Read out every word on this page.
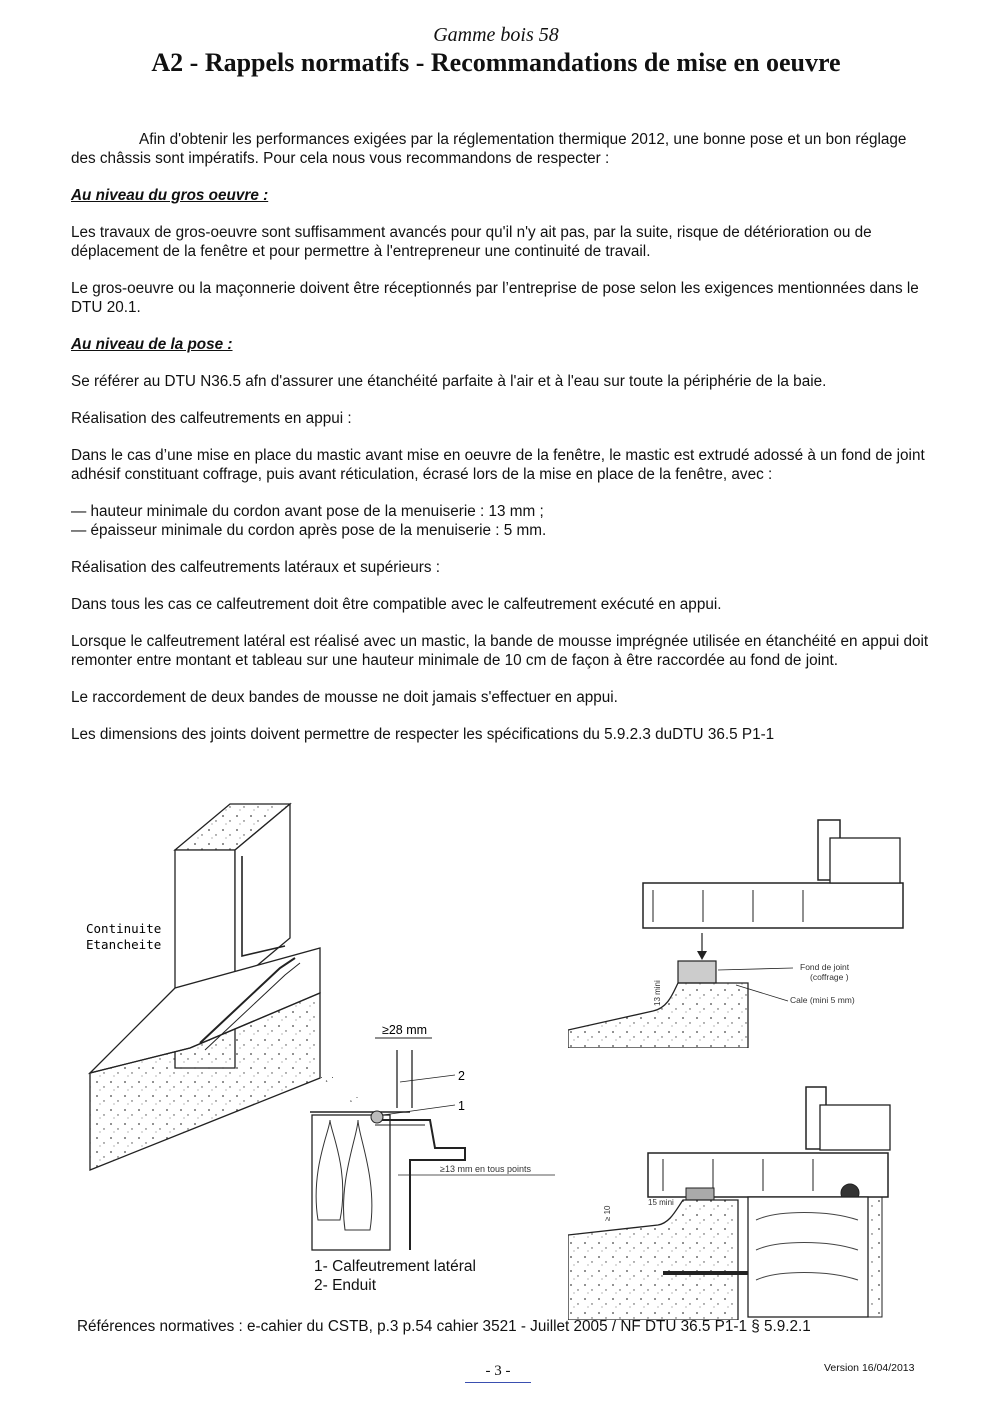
Gamme bois 58
A2 - Rappels normatifs - Recommandations de mise en oeuvre

Afin d'obtenir les performances exigées par la réglementation thermique 2012, une bonne pose et un bon réglage des châssis sont impératifs. Pour cela nous vous recommandons de respecter :

Au niveau du gros oeuvre :

Les travaux de gros-oeuvre sont suffisamment avancés pour qu'il n'y ait pas, par la suite, risque de détérioration ou de déplacement de la fenêtre et pour permettre à l'entrepreneur une continuité de travail.

Le gros-oeuvre ou la maçonnerie doivent être réceptionnés par l’entreprise de pose selon les exigences mentionnées dans le DTU 20.1.

Au niveau de la pose :

Se référer au DTU N36.5 afn d'assurer une étanchéité parfaite à l'air et à l'eau sur toute la périphérie de la baie.

Réalisation des calfeutrements en appui :

Dans le cas d’une mise en place du mastic avant mise en oeuvre de la fenêtre, le mastic est extrudé adossé à un fond de joint adhésif constituant coffrage, puis avant réticulation, écrasé lors de la mise en place de la fenêtre, avec :

— hauteur minimale du cordon avant pose de la menuiserie : 13 mm ;

— épaisseur minimale du cordon après pose de la menuiserie : 5 mm.

Réalisation des calfeutrements latéraux et supérieurs :

Dans tous les cas ce calfeutrement doit être compatible avec le calfeutrement exécuté en appui.

Lorsque le calfeutrement latéral est réalisé avec un mastic, la bande de mousse imprégnée utilisée en étanchéité en appui doit remonter entre montant et tableau sur une hauteur minimale de 10 cm de façon à être raccordée au fond de joint.

Le raccordement de deux bandes de mousse ne doit jamais s'effectuer en appui.

Les dimensions des joints doivent permettre de respecter les spécifications du 5.9.2.3 duDTU 36.5 P1-1

Continuite
Etancheite
· ˛ ·
˛ ·
≥28 mm
2
1
≥13 mm en tous points
13 mini
Fond de joint
(coffrage )
Cale (mini 5 mm)
≥ 10
15 mini
1- Calfeutrement latéral
2- Enduit
Références normatives : e-cahier du CSTB, p.3 p.54 cahier 3521 - Juillet 2005 / NF DTU 36.5 P1-1 § 5.9.2.1
- 3 -	Version 16/04/2013
